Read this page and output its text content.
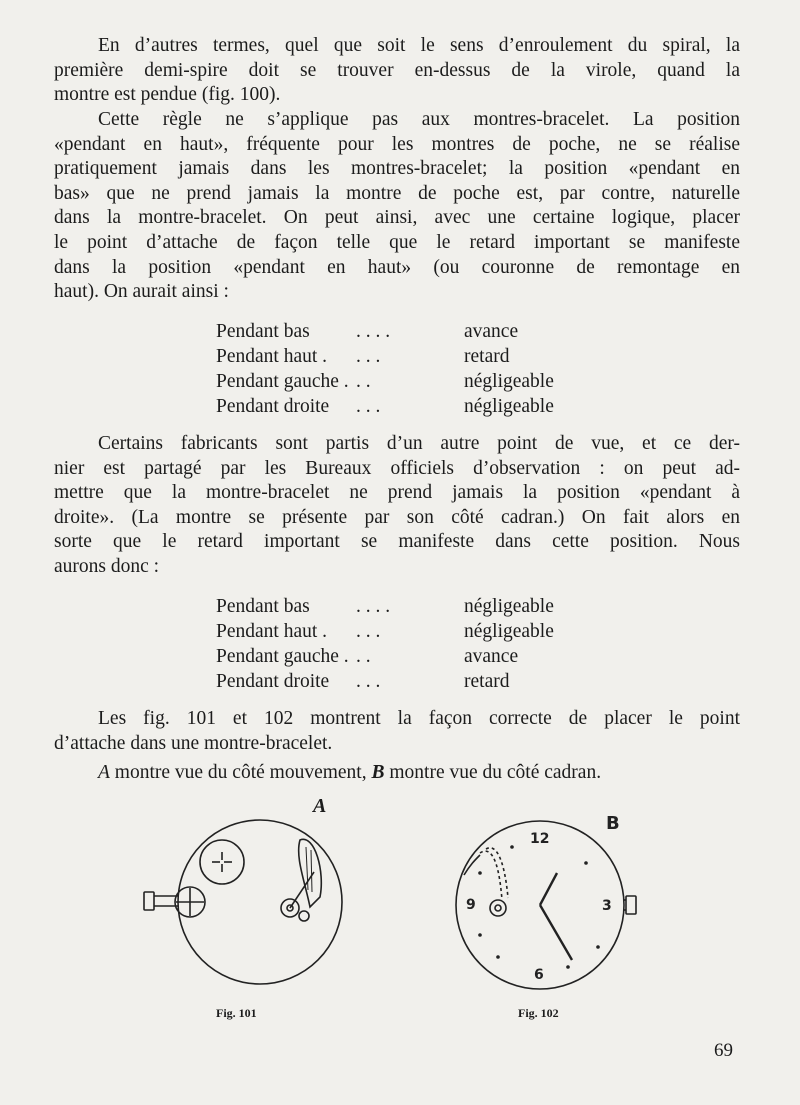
En d’autres termes, quel que soit le sens d’enroulement du spiral, la
première demi-spire doit se trouver en-dessus de la virole, quand la
montre est pendue (fig. 100).

Cette règle ne s’applique pas aux montres-bracelet. La position
«pendant en haut», fréquente pour les montres de poche, ne se réalise
pratiquement jamais dans les montres-bracelet; la position «pendant en
bas» que ne prend jamais la montre de poche est, par contre, naturelle
dans la montre-bracelet. On peut ainsi, avec une certaine logique, placer
le point d’attache de façon telle que le retard important se manifeste
dans la position «pendant en haut» (ou couronne de remontage en
haut). On aurait ainsi :

Pendant bas	. . . .	avance
Pendant haut .	. . .	retard
Pendant gauche . . .	négligeable
Pendant droite	. . .	négligeable

Certains fabricants sont partis d’un autre point de vue, et ce der-
nier est partagé par les Bureaux officiels d’observation : on peut ad-
mettre que la montre-bracelet ne prend jamais la position «pendant à
droite». (La montre se présente par son côté cadran.) On fait alors en
sorte que le retard important se manifeste dans cette position. Nous
aurons donc :

Pendant bas	. . . .	négligeable
Pendant haut .	. . .	négligeable
Pendant gauche . . .	avance
Pendant droite	. . .	retard

Les fig. 101 et 102 montrent la façon correcte de placer le point
d’attache dans une montre-bracelet.

A montre vue du côté mouvement, B montre vue du côté cadran.

A
Fig. 101
12
3
6
9
B
Fig. 102
69
